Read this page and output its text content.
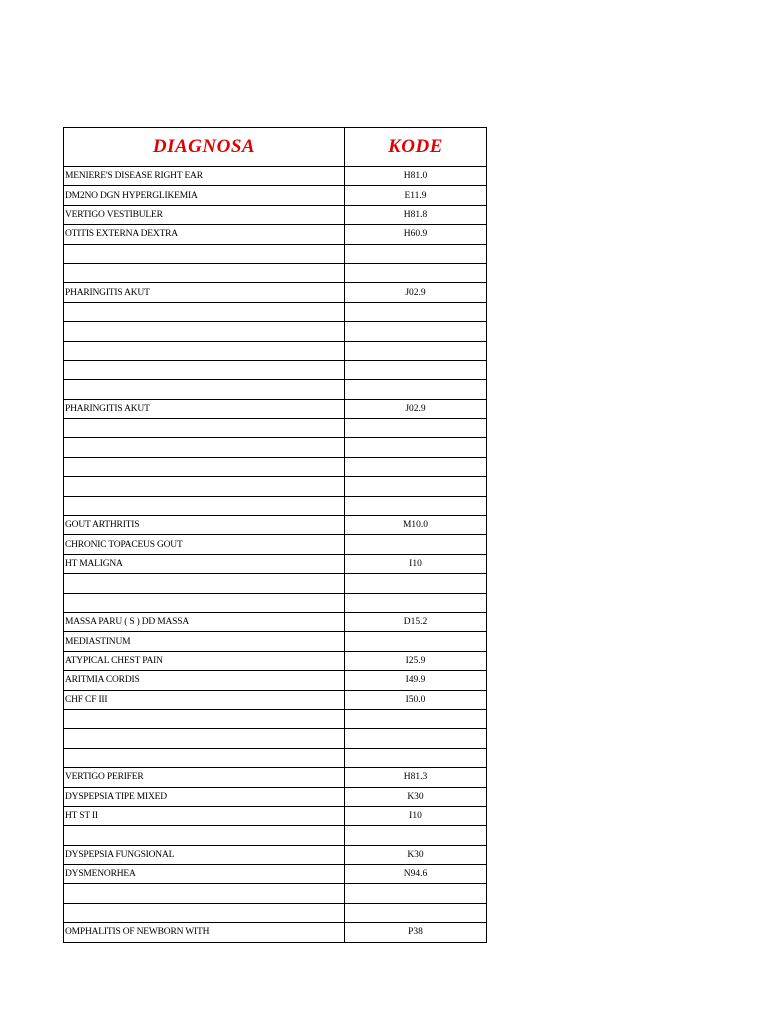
DIAGNOSA	KODE
MENIERE'S DISEASE RIGHT EAR	H81.0
DM2NO DGN HYPERGLIKEMIA	E11.9
VERTIGO VESTIBULER	H81.8
OTITIS EXTERNA DEXTRA	H60.9

PHARINGITIS AKUT	J02.9

PHARINGITIS AKUT	J02.9

GOUT ARTHRITIS	M10.0
CHRONIC TOPACEUS GOUT	
HT MALIGNA	I10

MASSA PARU ( S ) DD MASSA	D15.2
MEDIASTINUM	
ATYPICAL CHEST PAIN	I25.9
ARITMIA CORDIS	I49.9
CHF CF III	I50.0

VERTIGO PERIFER	H81.3
DYSPEPSIA TIPE MIXED	K30
HT ST II	I10

DYSPEPSIA FUNGSIONAL	K30
DYSMENORHEA	N94.6

OMPHALITIS OF NEWBORN WITH	P38
